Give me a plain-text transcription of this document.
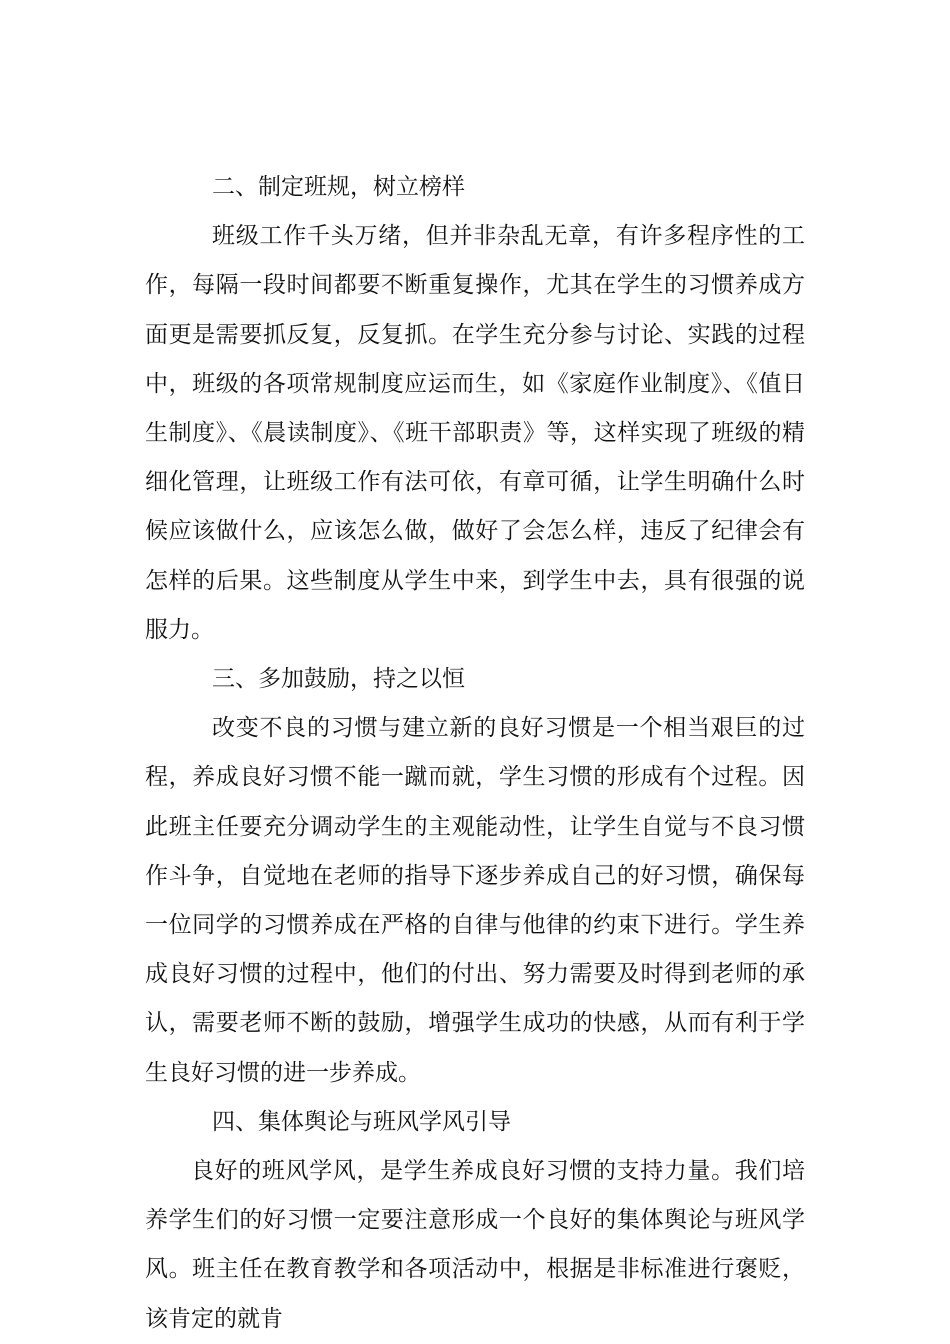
二、制定班规，树立榜样

班级工作千头万绪，但并非杂乱无章，有许多程序性的工作，每隔一段时间都要不断重复操作，尤其在学生的习惯养成方面更是需要抓反复，反复抓。在学生充分参与讨论、实践的过程中，班级的各项常规制度应运而生，如《家庭作业制度》、《值日生制度》、《晨读制度》、《班干部职责》等，这样实现了班级的精细化管理，让班级工作有法可依，有章可循，让学生明确什么时候应该做什么，应该怎么做，做好了会怎么样，违反了纪律会有怎样的后果。这些制度从学生中来，到学生中去，具有很强的说服力。

三、多加鼓励，持之以恒

改变不良的习惯与建立新的良好习惯是一个相当艰巨的过程，养成良好习惯不能一蹴而就，学生习惯的形成有个过程。因此班主任要充分调动学生的主观能动性，让学生自觉与不良习惯作斗争，自觉地在老师的指导下逐步养成自己的好习惯，确保每一位同学的习惯养成在严格的自律与他律的约束下进行。学生养成良好习惯的过程中，他们的付出、努力需要及时得到老师的承认，需要老师不断的鼓励，增强学生成功的快感，从而有利于学生良好习惯的进一步养成。

四、集体舆论与班风学风引导

良好的班风学风，是学生养成良好习惯的支持力量。我们培养学生们的好习惯一定要注意形成一个良好的集体舆论与班风学风。班主任在教育教学和各项活动中，根据是非标准进行褒贬，该肯定的就肯
